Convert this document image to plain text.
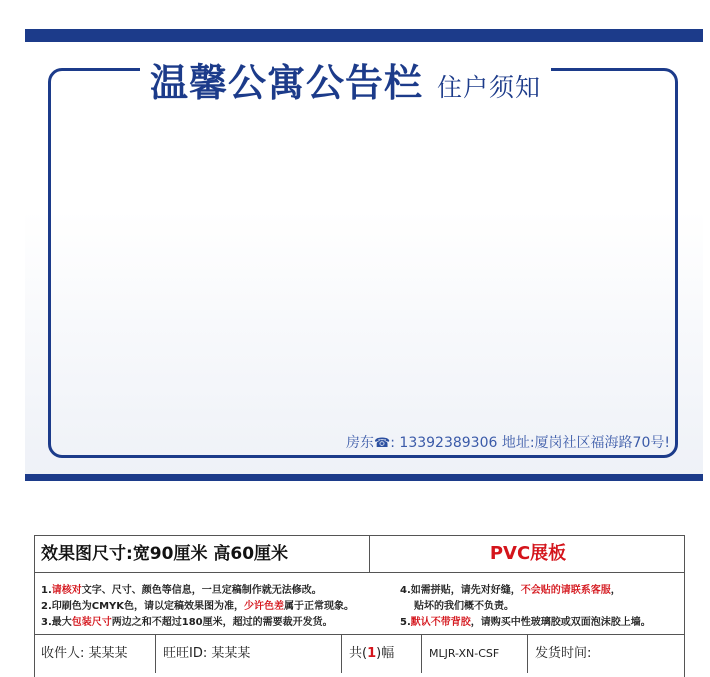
温馨公寓公告栏 住户须知
房东☎: 13392389306 地址:厦岗社区福海路70号!
效果图尺寸:宽90厘米 高60厘米	PVC展板
1.请核对文字、尺寸、颜色等信息，一旦定稿制作就无法修改。
2.印刷色为CMYK色，请以定稿效果图为准，少许色差属于正常现象。
3.最大包装尺寸两边之和不超过180厘米，超过的需要裁开发货。
4.如需拼贴，请先对好缝，不会贴的请联系客服，
贴坏的我们概不负责。
5.默认不带背胶，请购买中性玻璃胶或双面泡沫胶上墙。
收件人: 某某某	旺旺ID: 某某某	共(1)幅	MLJR-XN-CSF	发货时间:
